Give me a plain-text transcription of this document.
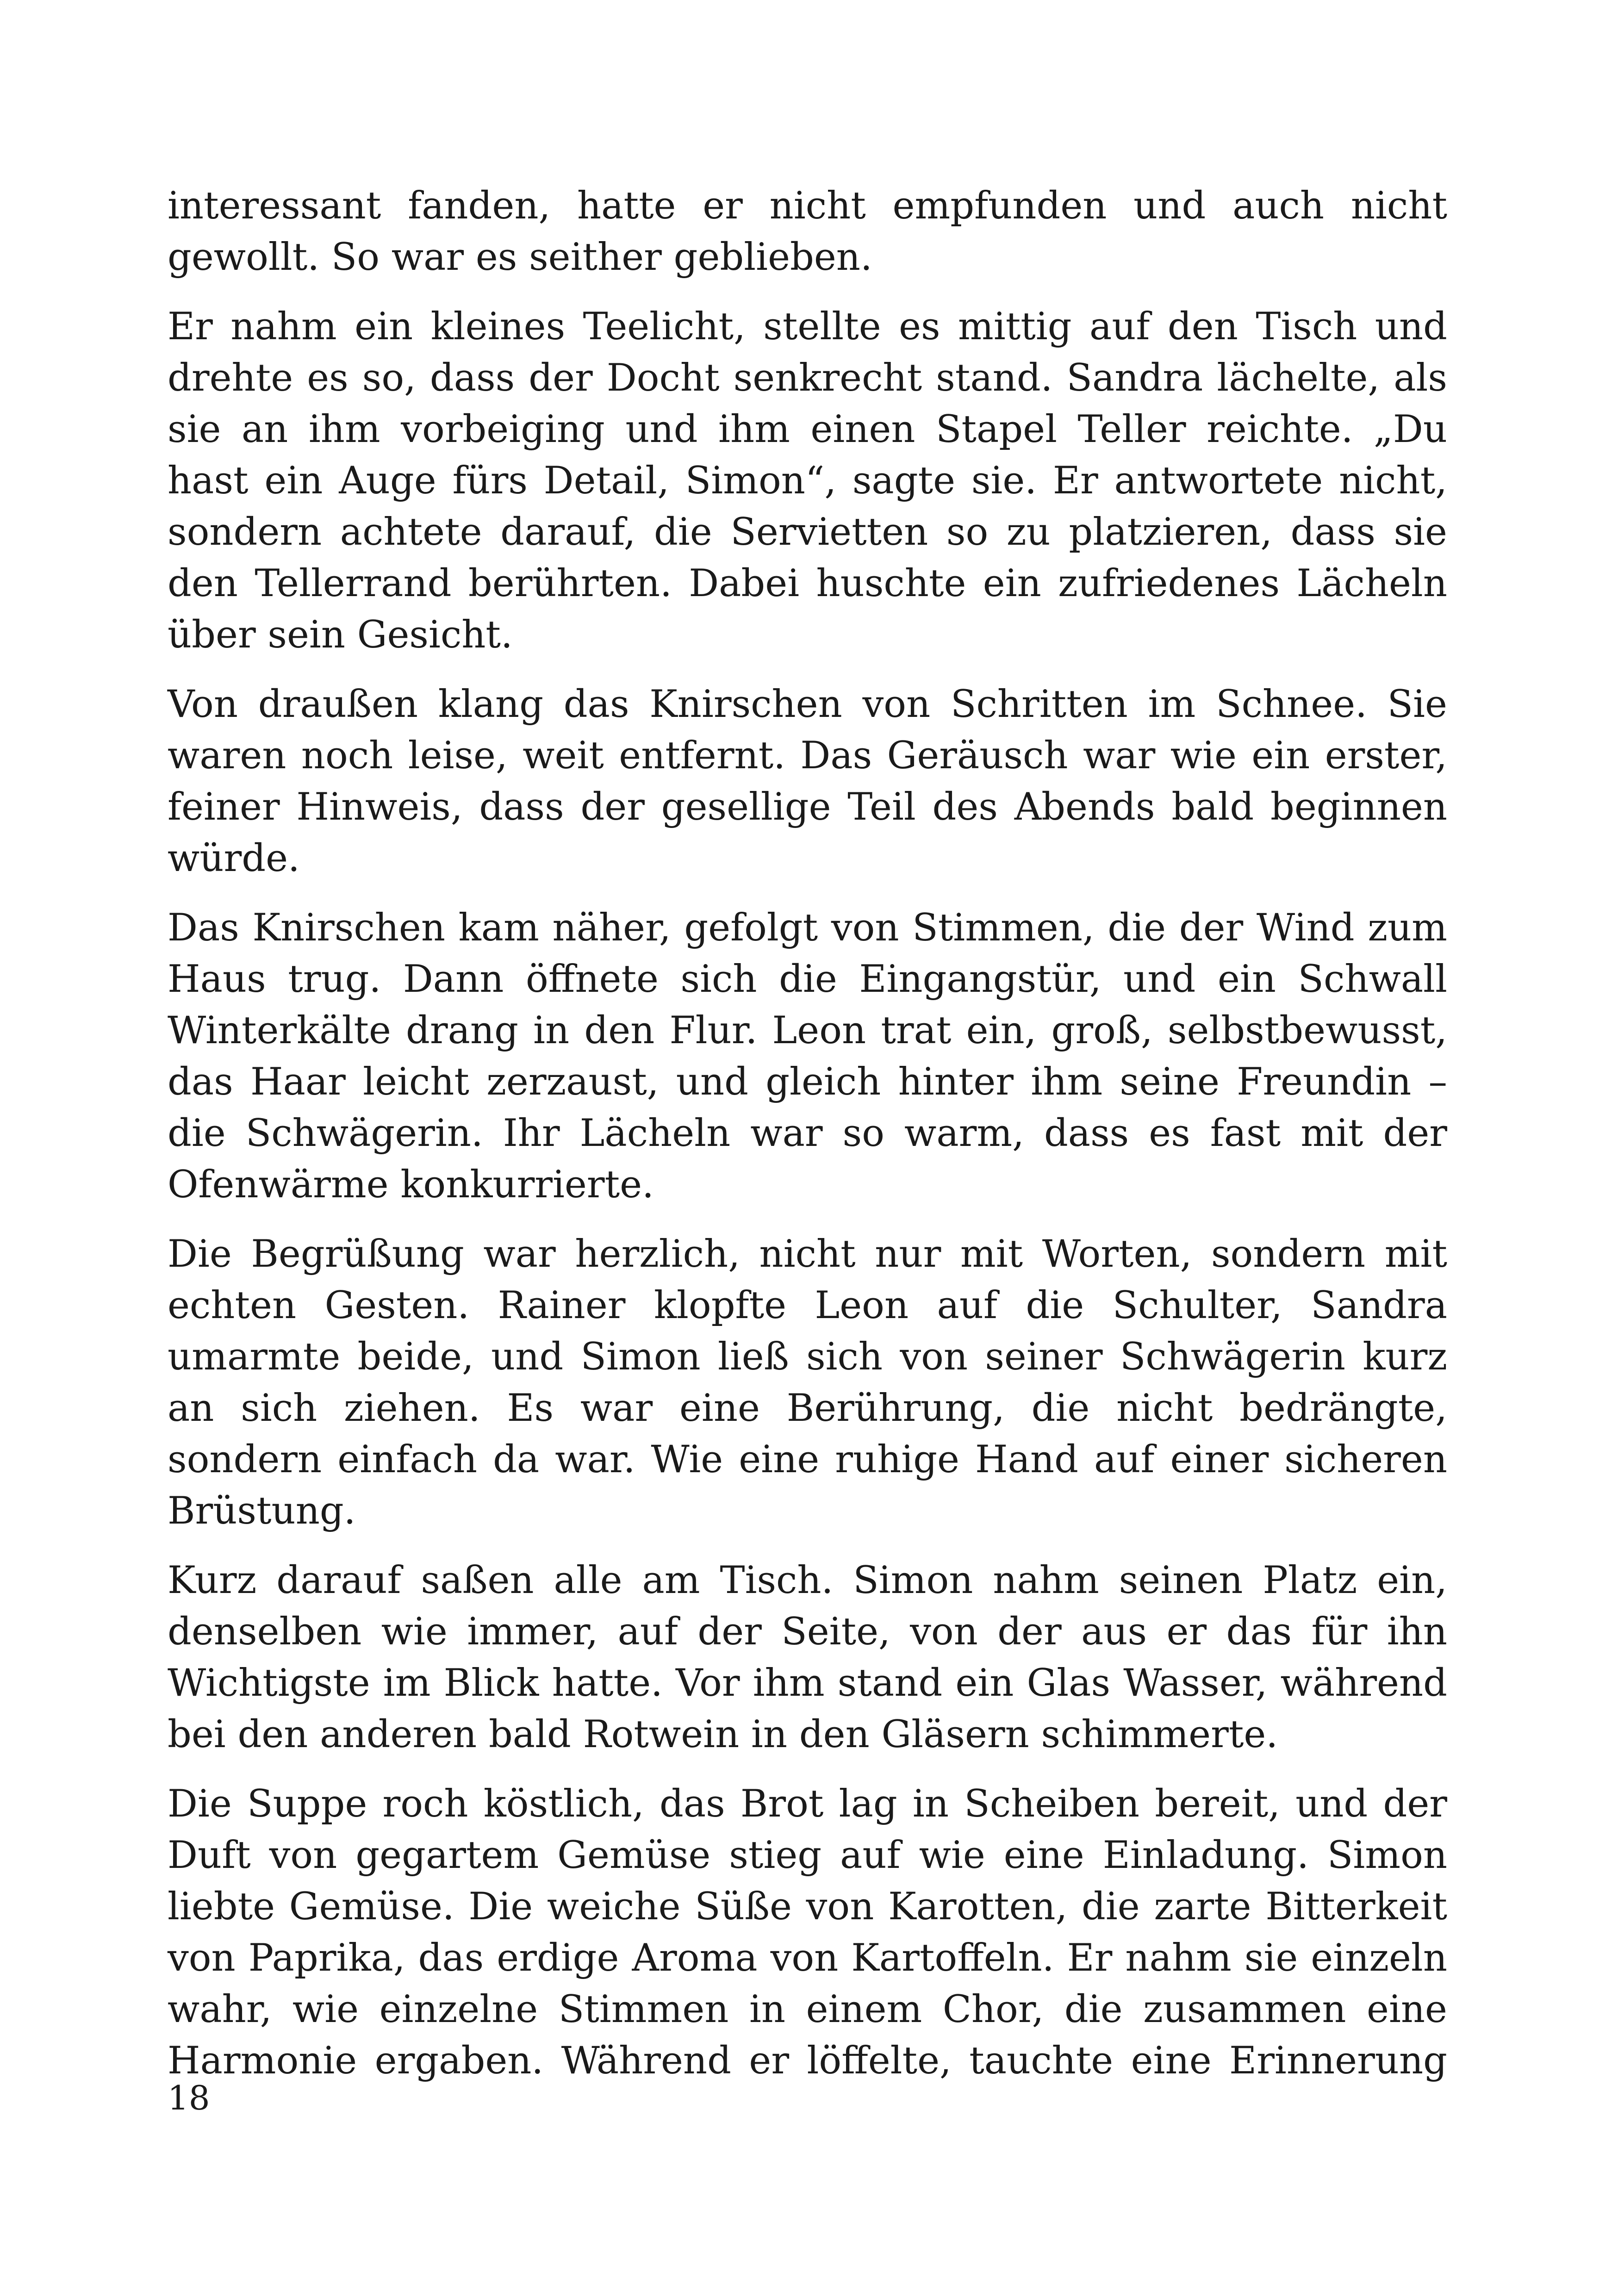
interessant fanden, hatte er nicht empfunden und auch nicht gewollt. So war es seither geblieben.

Er nahm ein kleines Teelicht, stellte es mittig auf den Tisch und drehte es so, dass der Docht senkrecht stand. Sandra lächelte, als sie an ihm vorbeiging und ihm einen Stapel Teller reichte. „Du hast ein Auge fürs Detail, Simon“, sagte sie. Er antwortete nicht, sondern achtete darauf, die Servietten so zu platzieren, dass sie den Tellerrand berührten. Dabei huschte ein zufriedenes Lächeln über sein Gesicht.

Von draußen klang das Knirschen von Schritten im Schnee. Sie waren noch leise, weit entfernt. Das Geräusch war wie ein erster, feiner Hinweis, dass der gesellige Teil des Abends bald beginnen würde.

Das Knirschen kam näher, gefolgt von Stimmen, die der Wind zum Haus trug. Dann öffnete sich die Eingangstür, und ein Schwall Winterkälte drang in den Flur. Leon trat ein, groß, selbstbewusst, das Haar leicht zerzaust, und gleich hinter ihm seine Freundin – die Schwägerin. Ihr Lächeln war so warm, dass es fast mit der Ofenwärme konkurrierte.

Die Begrüßung war herzlich, nicht nur mit Worten, sondern mit echten Gesten. Rainer klopfte Leon auf die Schulter, Sandra umarmte beide, und Simon ließ sich von seiner Schwägerin kurz an sich ziehen. Es war eine Berührung, die nicht bedrängte, sondern einfach da war. Wie eine ruhige Hand auf einer sicheren Brüstung.

Kurz darauf saßen alle am Tisch. Simon nahm seinen Platz ein, denselben wie immer, auf der Seite, von der aus er das für ihn Wichtigste im Blick hatte. Vor ihm stand ein Glas Wasser, während bei den anderen bald Rotwein in den Gläsern schimmerte.

Die Suppe roch köstlich, das Brot lag in Scheiben bereit, und der Duft von gegartem Gemüse stieg auf wie eine Einladung. Simon liebte Gemüse. Die weiche Süße von Karotten, die zarte Bitterkeit von Paprika, das erdige Aroma von Kartoffeln. Er nahm sie einzeln wahr, wie einzelne Stimmen in einem Chor, die zusammen eine Harmonie ergaben. Während er löffelte, tauchte eine Erinnerung

18
